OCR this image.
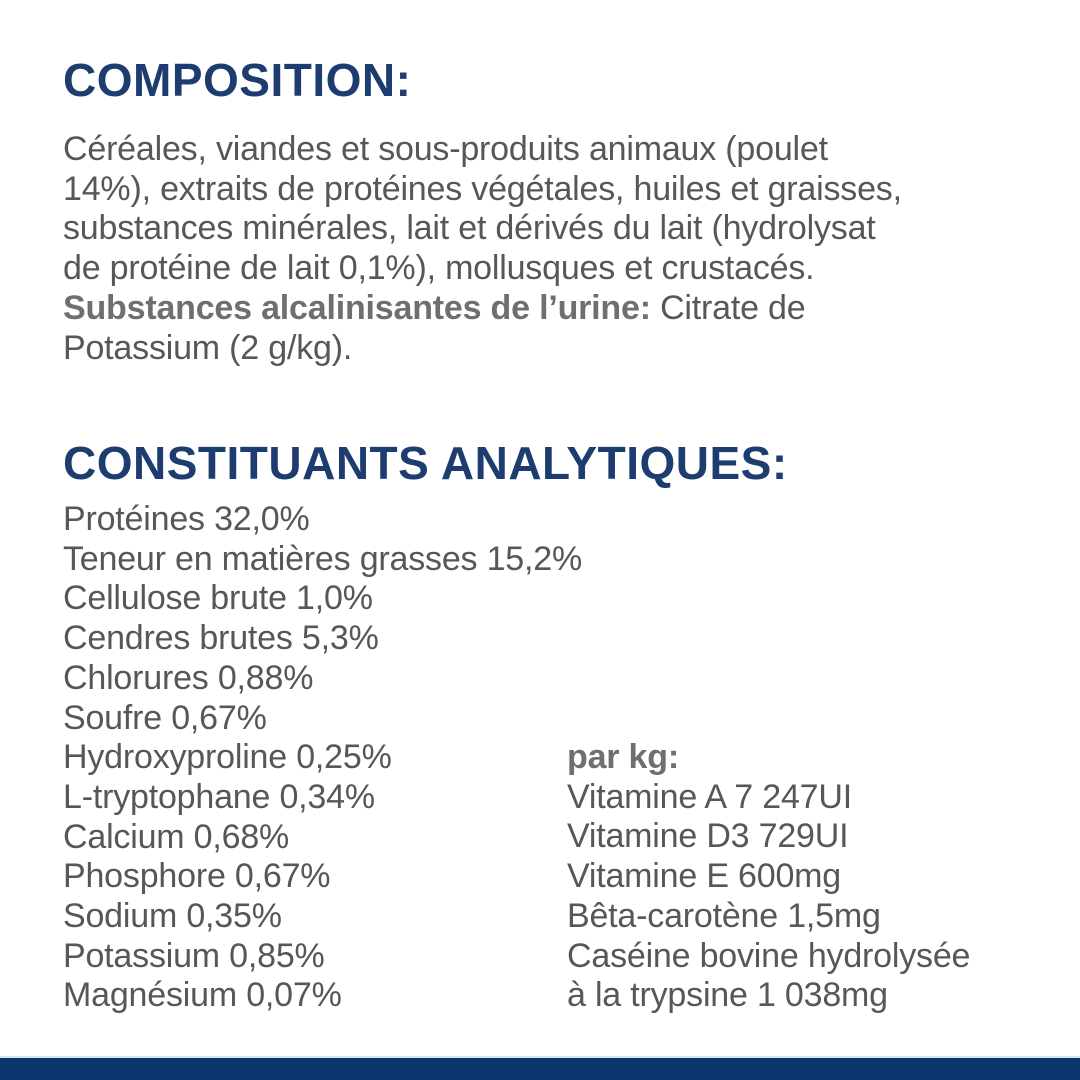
COMPOSITION:
Céréales, viandes et sous-produits animaux (poulet
14%), extraits de protéines végétales, huiles et graisses,
substances minérales, lait et dérivés du lait (hydrolysat
de protéine de lait 0,1%), mollusques et crustacés.
Substances alcalinisantes de l’urine: Citrate de
Potassium (2 g/kg).
CONSTITUANTS ANALYTIQUES:
Protéines 32,0%
Teneur en matières grasses 15,2%
Cellulose brute 1,0%
Cendres brutes 5,3%
Chlorures 0,88%
Soufre 0,67%
Hydroxyproline 0,25%
L-tryptophane 0,34%
Calcium 0,68%
Phosphore 0,67%
Sodium 0,35%
Potassium 0,85%
Magnésium 0,07%
par kg:
Vitamine A 7 247UI
Vitamine D3 729UI
Vitamine E 600mg
Bêta-carotène 1,5mg
Caséine bovine hydrolysée
à la trypsine 1 038mg
